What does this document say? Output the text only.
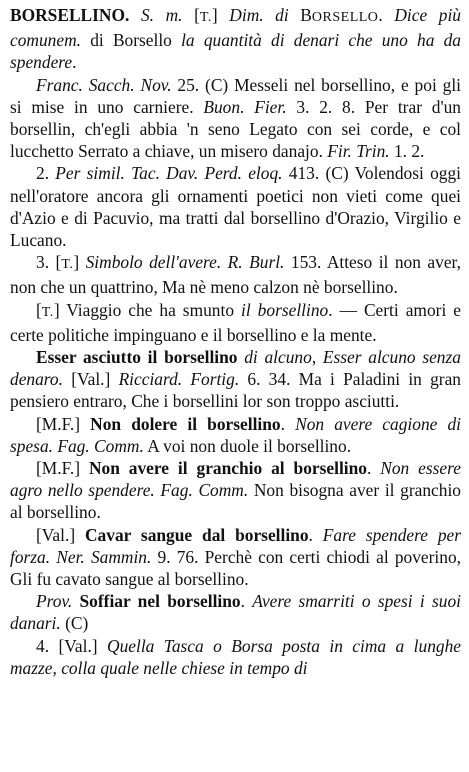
BORSELLINO. S. m. [T.] Dim. di BORSELLO. Dice più comunem. di Borsello la quantità di denari che uno ha da spendere.

Franc. Sacch. Nov. 25. (C) Messeli nel borsellino, e poi gli si mise in uno carniere. Buon. Fier. 3. 2. 8. Per trar d'un borsellin, ch'egli abbia 'n seno Legato con sei corde, e col lucchetto Serrato a chiave, un misero danajo. Fir. Trin. 1. 2.

2. Per simil. Tac. Dav. Perd. eloq. 413. (C) Volendosi oggi nell'oratore ancora gli ornamenti poetici non vieti come quei d'Azio e di Pacuvio, ma tratti dal borsellino d'Orazio, Virgilio e Lucano.

3. [T.] Simbolo dell'avere. R. Burl. 153. Atteso il non aver, non che un quattrino, Ma nè meno calzon nè borsellino.

[T.] Viaggio che ha smunto il borsellino. — Certi amori e certe politiche impinguano e il borsellino e la mente.

Esser asciutto il borsellino di alcuno, Esser alcuno senza denaro. [Val.] Ricciard. Fortig. 6. 34. Ma i Paladini in gran pensiero entraro, Che i borsellini lor son troppo asciutti.

[M.F.] Non dolere il borsellino. Non avere cagione di spesa. Fag. Comm. A voi non duole il borsellino.

[M.F.] Non avere il granchio al borsellino. Non essere agro nello spendere. Fag. Comm. Non bisogna aver il granchio al borsellino.

[Val.] Cavar sangue dal borsellino. Fare spendere per forza. Ner. Sammin. 9. 76. Perchè con certi chiodi al poverino, Gli fu cavato sangue al borsellino.

Prov. Soffiar nel borsellino. Avere smarriti o spesi i suoi danari. (C)

4. [Val.] Quella Tasca o Borsa posta in cima a lunghe mazze, colla quale nelle chiese in tempo di
